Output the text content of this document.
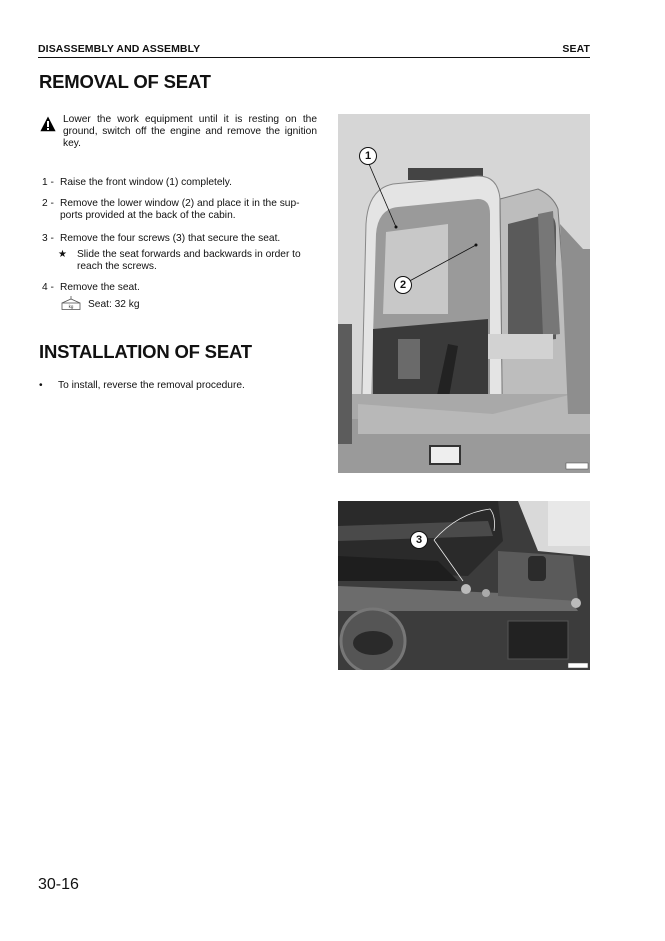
DISASSEMBLY AND ASSEMBLY	SEAT
REMOVAL OF SEAT
Lower the work equipment until it is resting on the ground, switch off the engine and remove the ignition key.
1 - Raise the front window (1) completely.
2 - Remove the lower window (2) and place it in the sup-
ports provided at the back of the cabin.
3 - Remove the four screws (3) that secure the seat.
★ Slide the seat forwards and backwards in order to reach the screws.
4 - Remove the seat.
kg	Seat: 32 kg
INSTALLATION OF SEAT
• To install, reverse the removal procedure.
1
2
3
30-16
